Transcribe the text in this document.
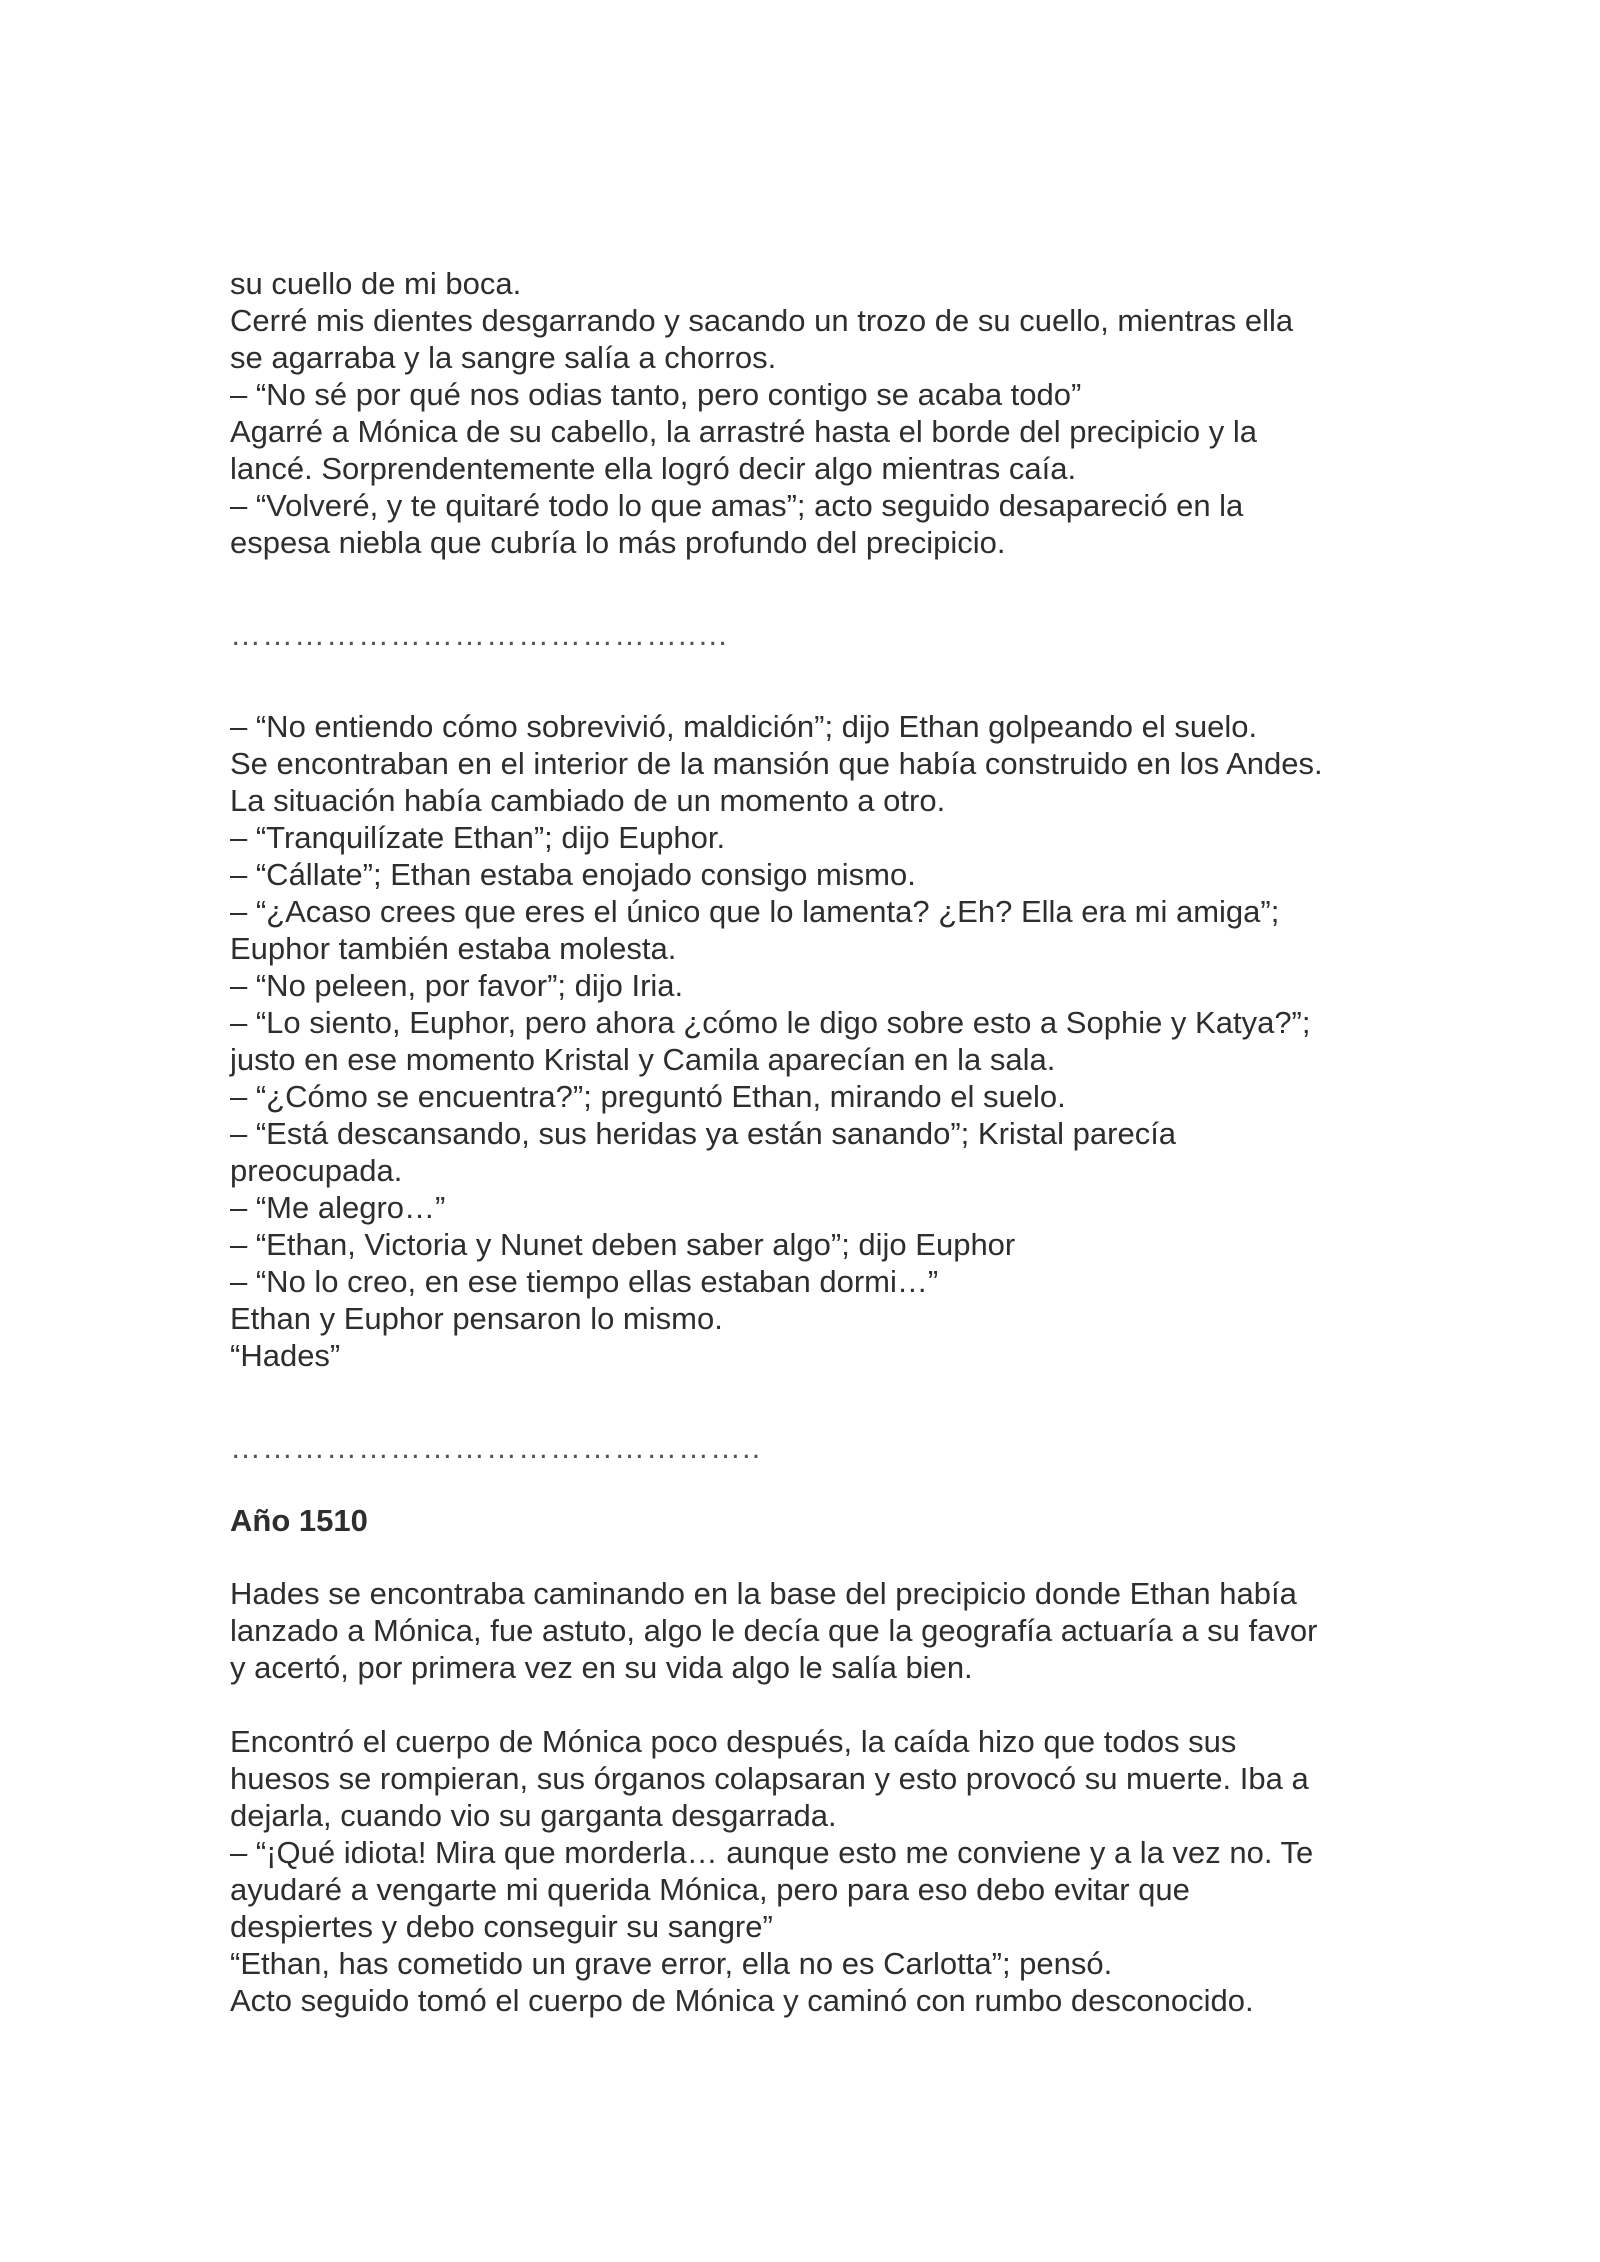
su cuello de mi boca.
Cerré mis dientes desgarrando y sacando un trozo de su cuello, mientras ella
se agarraba y la sangre salía a chorros.
– “No sé por qué nos odias tanto, pero contigo se acaba todo”
Agarré a Mónica de su cabello, la arrastré hasta el borde del precipicio y la
lancé. Sorprendentemente ella logró decir algo mientras caía.
– “Volveré, y te quitaré todo lo que amas”; acto seguido desapareció en la
espesa niebla que cubría lo más profundo del precipicio.
……………………………………..…
– “No entiendo cómo sobrevivió, maldición”; dijo Ethan golpeando el suelo.
Se encontraban en el interior de la mansión que había construido en los Andes.
La situación había cambiado de un momento a otro.
– “Tranquilízate Ethan”; dijo Euphor.
– “Cállate”; Ethan estaba enojado consigo mismo.
– “¿Acaso crees que eres el único que lo lamenta? ¿Eh? Ella era mi amiga”;
Euphor también estaba molesta.
– “No peleen, por favor”; dijo Iria.
– “Lo siento, Euphor, pero ahora ¿cómo le digo sobre esto a Sophie y Katya?”;
justo en ese momento Kristal y Camila aparecían en la sala.
– “¿Cómo se encuentra?”; preguntó Ethan, mirando el suelo.
– “Está descansando, sus heridas ya están sanando”; Kristal parecía
preocupada.
– “Me alegro…”
– “Ethan, Victoria y Nunet deben saber algo”; dijo Euphor
– “No lo creo, en ese tiempo ellas estaban dormi…”
Ethan y Euphor pensaron lo mismo.
“Hades”
…………………………………………..
Año 1510
Hades se encontraba caminando en la base del precipicio donde Ethan había
lanzado a Mónica, fue astuto, algo le decía que la geografía actuaría a su favor
y acertó, por primera vez en su vida algo le salía bien.
Encontró el cuerpo de Mónica poco después, la caída hizo que todos sus
huesos se rompieran, sus órganos colapsaran y esto provocó su muerte. Iba a
dejarla, cuando vio su garganta desgarrada.
– “¡Qué idiota! Mira que morderla… aunque esto me conviene y a la vez no. Te
ayudaré a vengarte mi querida Mónica, pero para eso debo evitar que
despiertes y debo conseguir su sangre”
“Ethan, has cometido un grave error, ella no es Carlotta”; pensó.
Acto seguido tomó el cuerpo de Mónica y caminó con rumbo desconocido.
